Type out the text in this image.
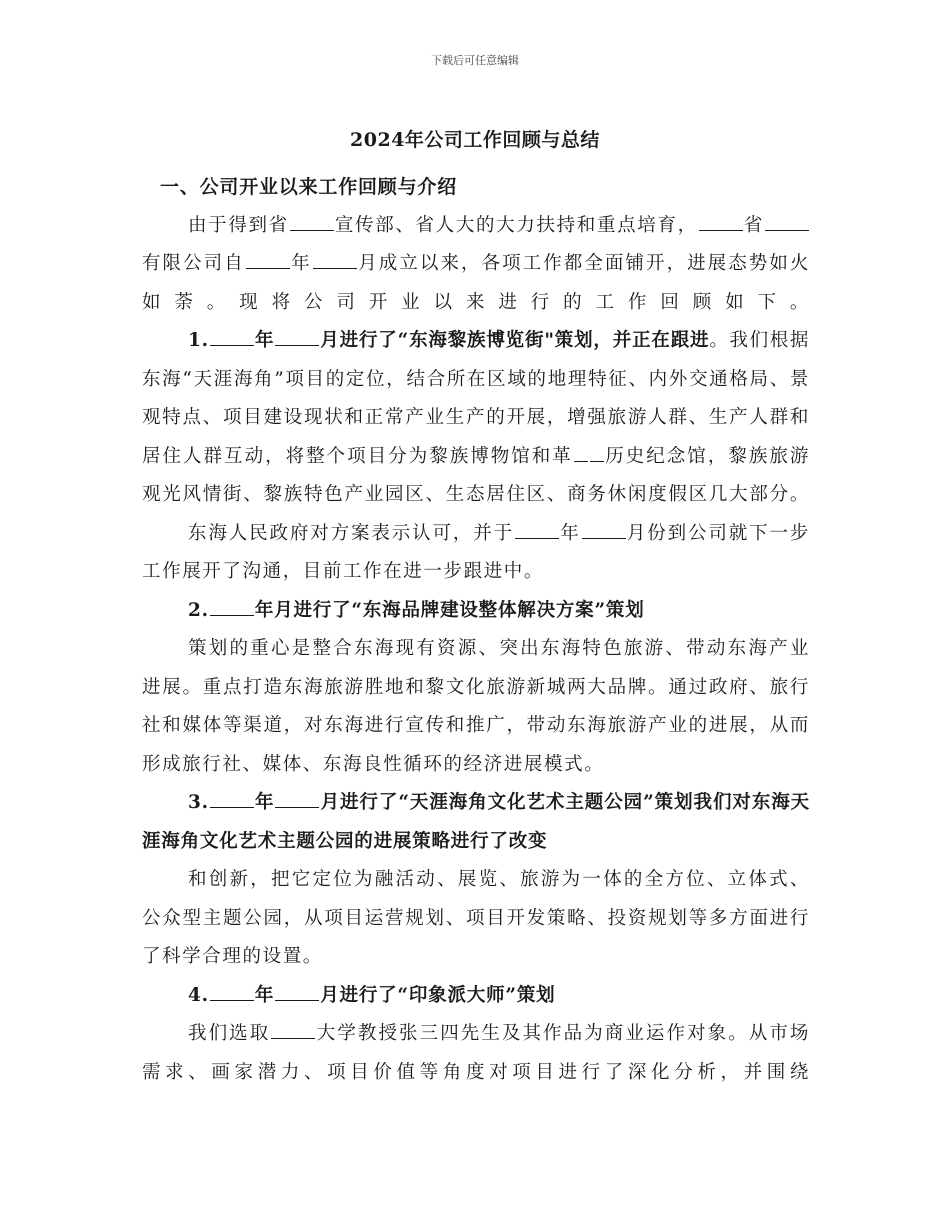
下载后可任意编辑
2024年公司工作回顾与总结
一、公司开业以来工作回顾与介绍
由于得到省 宣传部、省人大的大力扶持和重点培育， 省有限公司自 年 月成立以来，各项工作都全面铺开，进展态势如火如荼。现将公司开业以来进行的工作回顾如下。
1. 年 月进行了“东海黎族博览街"策划，并正在跟进。我们根据东海“天涯海角”项目的定位，结合所在区域的地理特征、内外交通格局、景观特点、项目建设现状和正常产业生产的开展，增强旅游人群、生产人群和居住人群互动，将整个项目分为黎族博物馆和革 历史纪念馆，黎族旅游观光风情街、黎族特色产业园区、生态居住区、商务休闲度假区几大部分。
东海人民政府对方案表示认可，并于 年 月份到公司就下一步工作展开了沟通，目前工作在进一步跟进中。
2. 年月进行了“东海品牌建设整体解决方案”策划
策划的重心是整合东海现有资源、突出东海特色旅游、带动东海产业进展。重点打造东海旅游胜地和黎文化旅游新城两大品牌。通过政府、旅行社和媒体等渠道，对东海进行宣传和推广，带动东海旅游产业的进展，从而形成旅行社、媒体、东海良性循环的经济进展模式。
3. 年 月进行了“天涯海角文化艺术主题公园”策划我们对东海天涯海角文化艺术主题公园的进展策略进行了改变
和创新，把它定位为融活动、展览、旅游为一体的全方位、立体式、公众型主题公园，从项目运营规划、项目开发策略、投资规划等多方面进行了科学合理的设置。
4. 年 月进行了“印象派大师”策划
我们选取 大学教授张三四先生及其作品为商业运作对象。从市场需求、画家潜力、项目价值等角度对项目进行了深化分析，并围绕
